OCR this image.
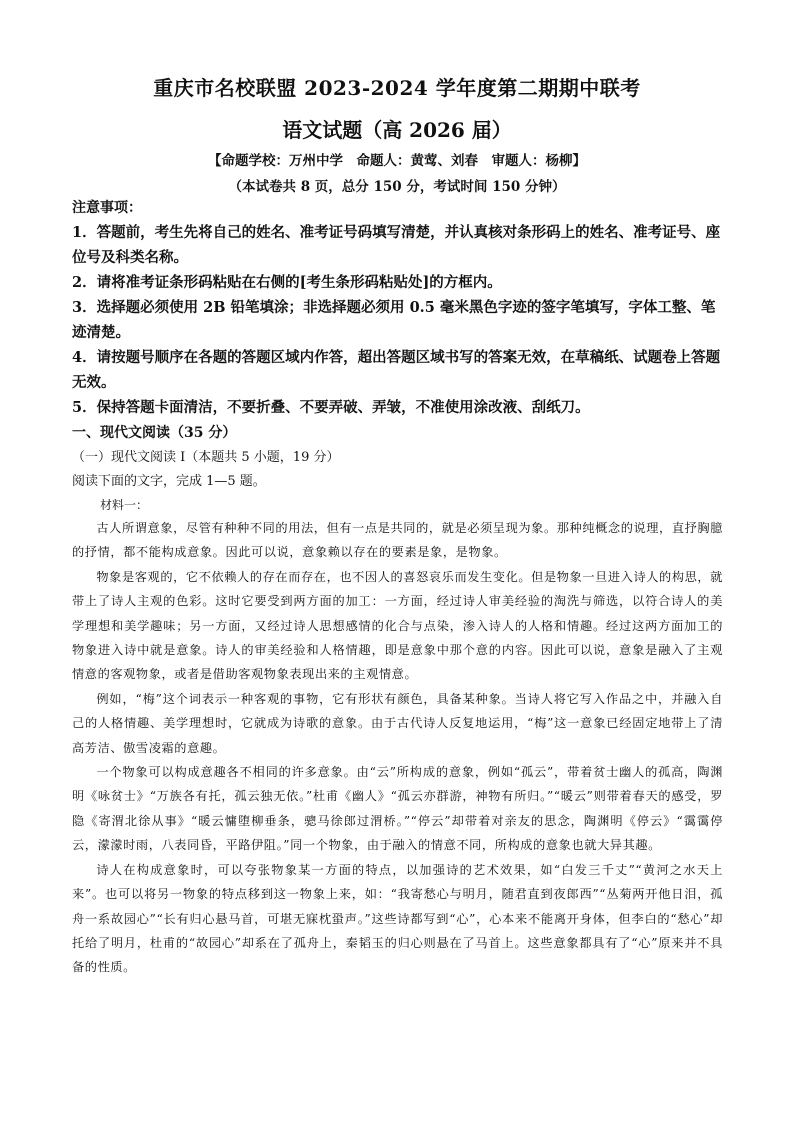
重庆市名校联盟 2023-2024 学年度第二期期中联考
语文试题（高 2026 届）
【命题学校：万州中学　命题人：黄莺、刘春　审题人：杨柳】
（本试卷共 8 页，总分 150 分，考试时间 150 分钟）
注意事项：
1．答题前，考生先将自己的姓名、准考证号码填写清楚，并认真核对条形码上的姓名、准考证号、座位号及科类名称。
2．请将准考证条形码粘贴在右侧的[考生条形码粘贴处]的方框内。
3．选择题必须使用 2B 铅笔填涂；非选择题必须用 0.5 毫米黑色字迹的签字笔填写，字体工整、笔迹清楚。
4．请按题号顺序在各题的答题区域内作答，超出答题区域书写的答案无效，在草稿纸、试题卷上答题无效。
5．保持答题卡面清洁，不要折叠、不要弄破、弄皱，不准使用涂改液、刮纸刀。
一、现代文阅读（35 分）
（一）现代文阅读 I（本题共 5 小题，19 分）
阅读下面的文字，完成 1—5 题。
材料一：

古人所谓意象，尽管有种种不同的用法，但有一点是共同的，就是必须呈现为象。那种纯概念的说理，直抒胸臆的抒情，都不能构成意象。因此可以说，意象赖以存在的要素是象，是物象。

物象是客观的，它不依赖人的存在而存在，也不因人的喜怒哀乐而发生变化。但是物象一旦进入诗人的构思，就带上了诗人主观的色彩。这时它要受到两方面的加工：一方面，经过诗人审美经验的淘洗与筛选，以符合诗人的美学理想和美学趣味；另一方面，又经过诗人思想感情的化合与点染，渗入诗人的人格和情趣。经过这两方面加工的物象进入诗中就是意象。诗人的审美经验和人格情趣，即是意象中那个意的内容。因此可以说，意象是融入了主观情意的客观物象，或者是借助客观物象表现出来的主观情意。

例如，“梅”这个词表示一种客观的事物，它有形状有颜色，具备某种象。当诗人将它写入作品之中，并融入自己的人格情趣、美学理想时，它就成为诗歌的意象。由于古代诗人反复地运用，“梅”这一意象已经固定地带上了清高芳洁、傲雪凌霜的意趣。

一个物象可以构成意趣各不相同的许多意象。由“云”所构成的意象，例如“孤云”，带着贫士幽人的孤高，陶渊明《咏贫士》“万族各有托，孤云独无依。”杜甫《幽人》“孤云亦群游，神物有所归。”“暖云”则带着春天的感受，罗隐《寄渭北徐从事》“暖云慵堕柳垂条，骢马徐郎过渭桥。”“停云”却带着对亲友的思念，陶渊明《停云》“霭霭停云，濛濛时雨，八表同昏，平路伊阻。”同一个物象，由于融入的情意不同，所构成的意象也就大异其趣。

诗人在构成意象时，可以夸张物象某一方面的特点，以加强诗的艺术效果，如“白发三千丈”“黄河之水天上来”。也可以将另一物象的特点移到这一物象上来，如：“我寄愁心与明月，随君直到夜郎西”“丛菊两开他日泪，孤舟一系故园心”“长有归心悬马首，可堪无寐枕蛩声。”这些诗都写到“心”，心本来不能离开身体，但李白的“愁心”却托给了明月，杜甫的“故园心”却系在了孤舟上，秦韬玉的归心则悬在了马首上。这些意象都具有了“心”原来并不具备的性质。
